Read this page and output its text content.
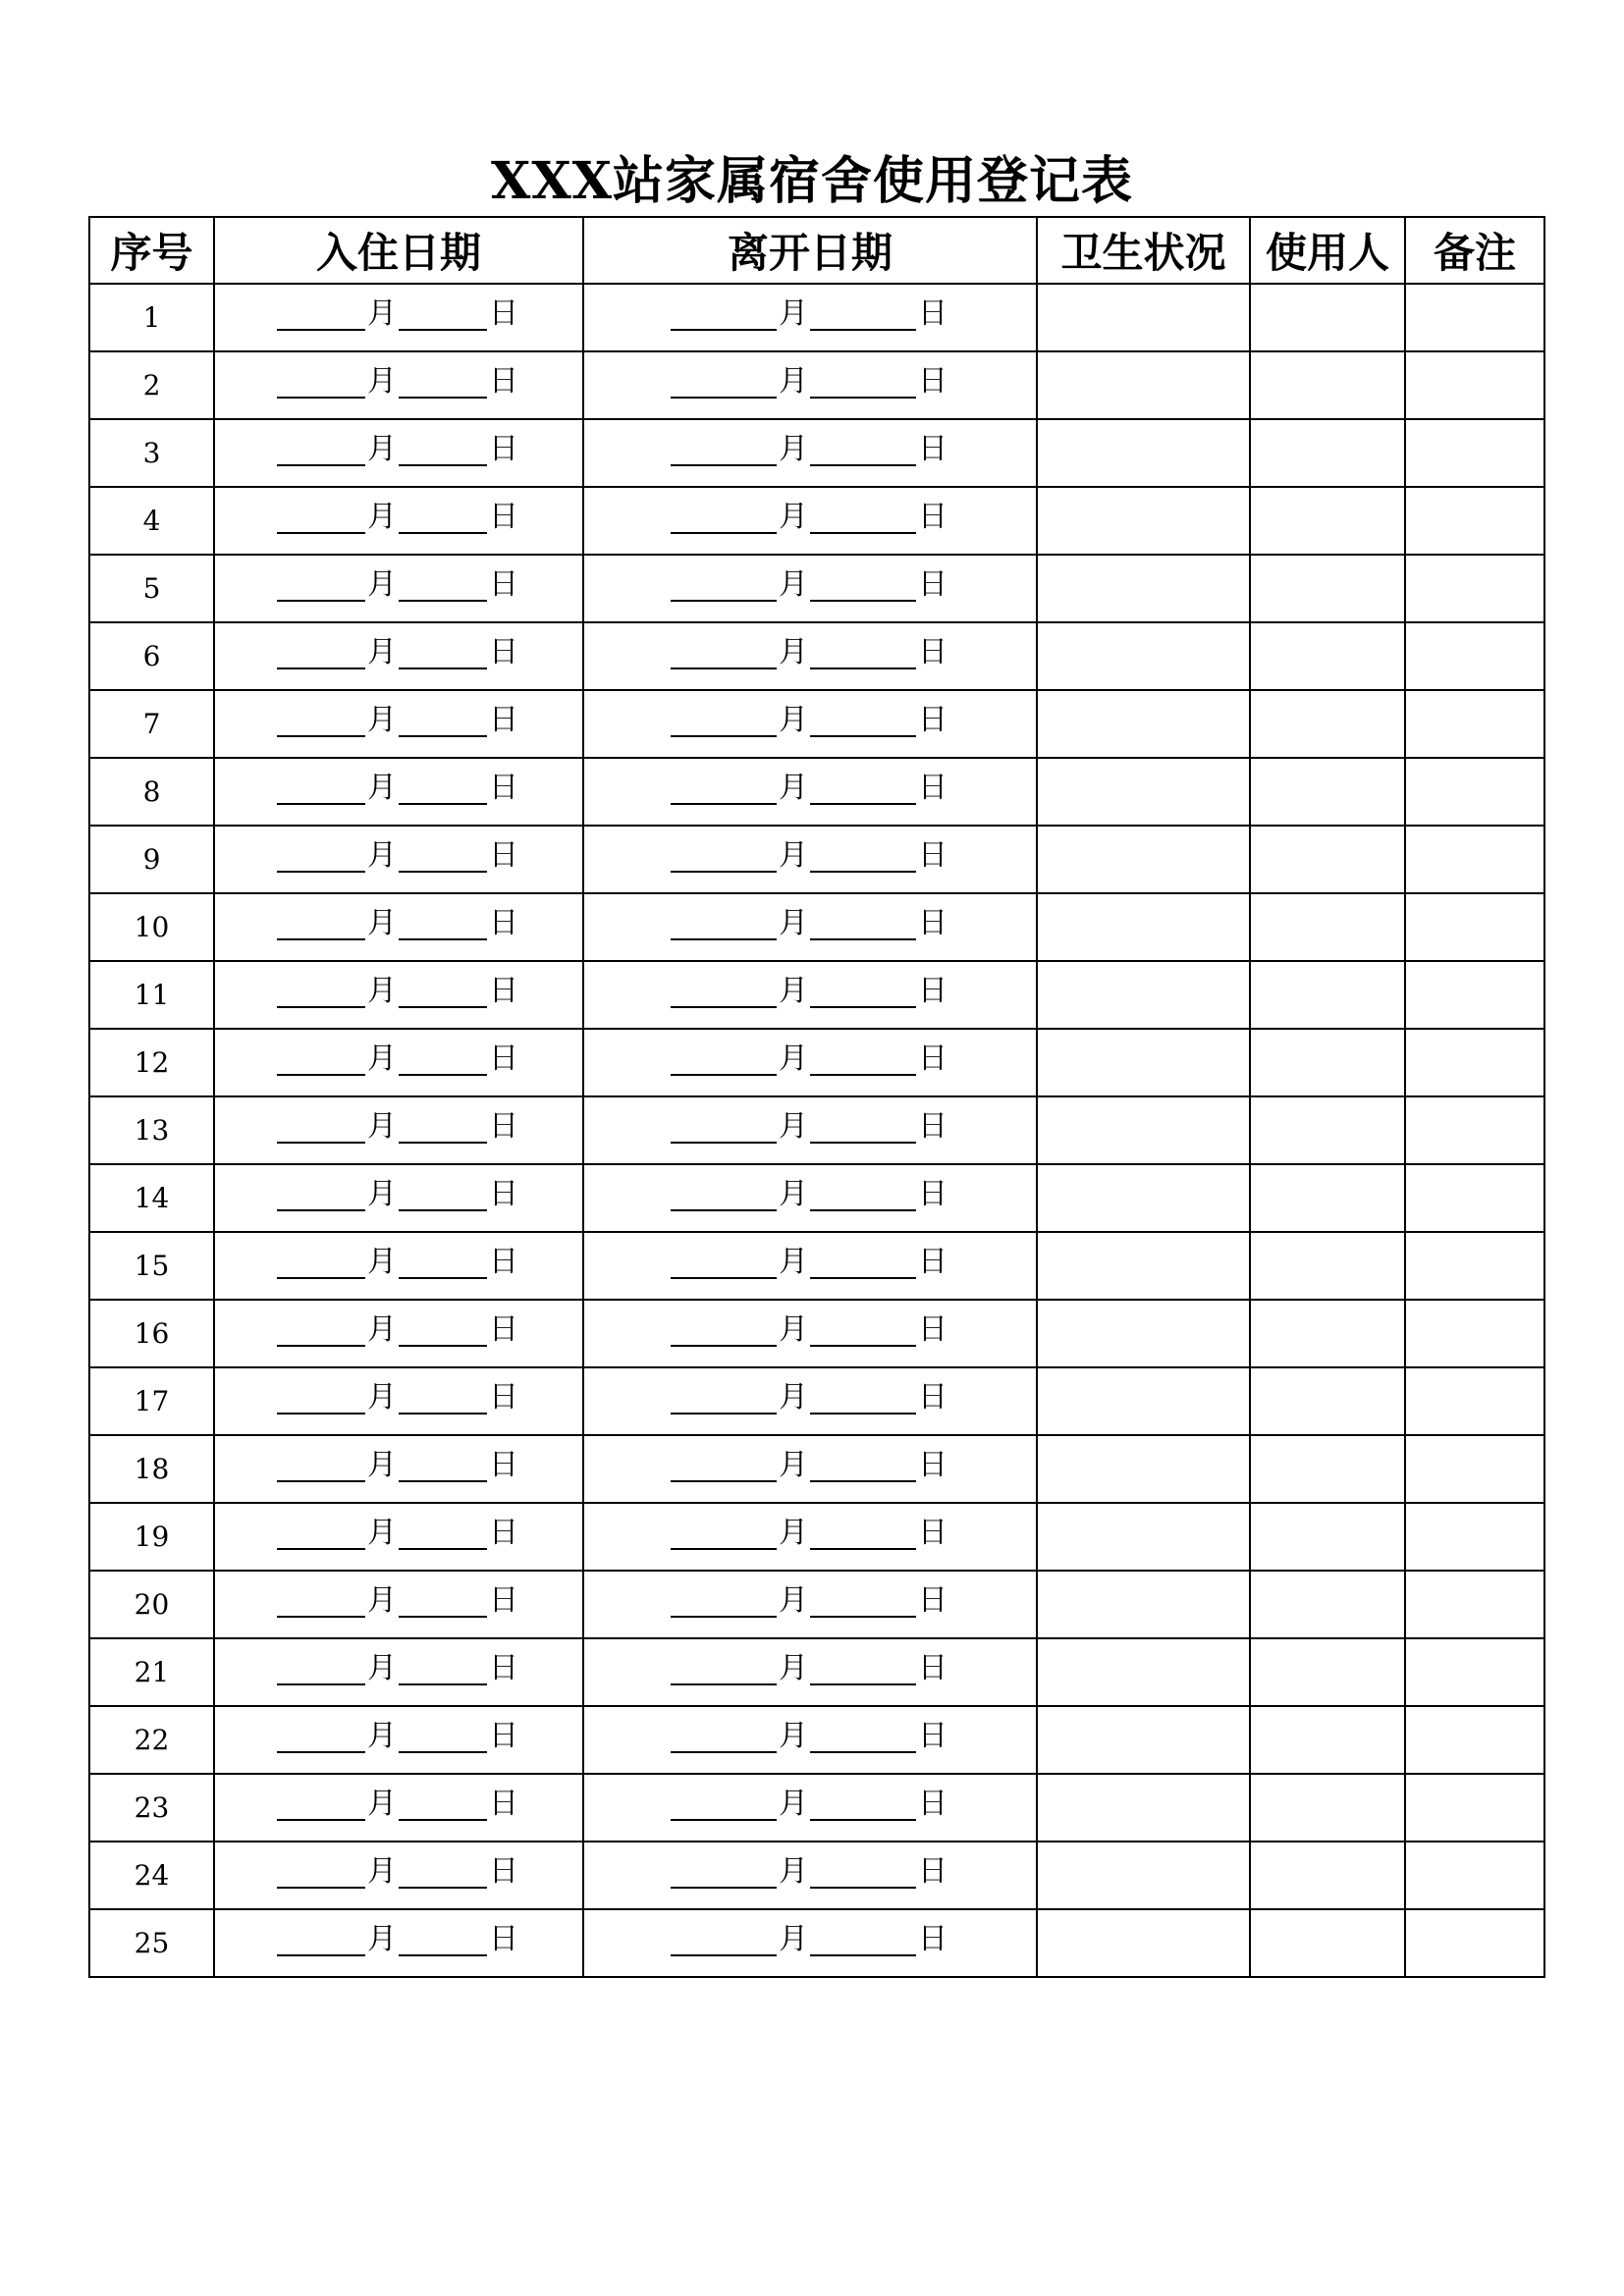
XXX站家属宿舍使用登记表
序号	入住日期	离开日期	卫生状况	使用人	备注
1	月 日	月 日			

2	月 日	月 日			

3	月 日	月 日			

4	月 日	月 日			

5	月 日	月 日			

6	月 日	月 日			

7	月 日	月 日			

8	月 日	月 日			

9	月 日	月 日			

10	月 日	月 日			

11	月 日	月 日			

12	月 日	月 日			

13	月 日	月 日			

14	月 日	月 日			

15	月 日	月 日			

16	月 日	月 日			

17	月 日	月 日			

18	月 日	月 日			

19	月 日	月 日			

20	月 日	月 日			

21	月 日	月 日			

22	月 日	月 日			

23	月 日	月 日			

24	月 日	月 日			

25	月 日	月 日			
